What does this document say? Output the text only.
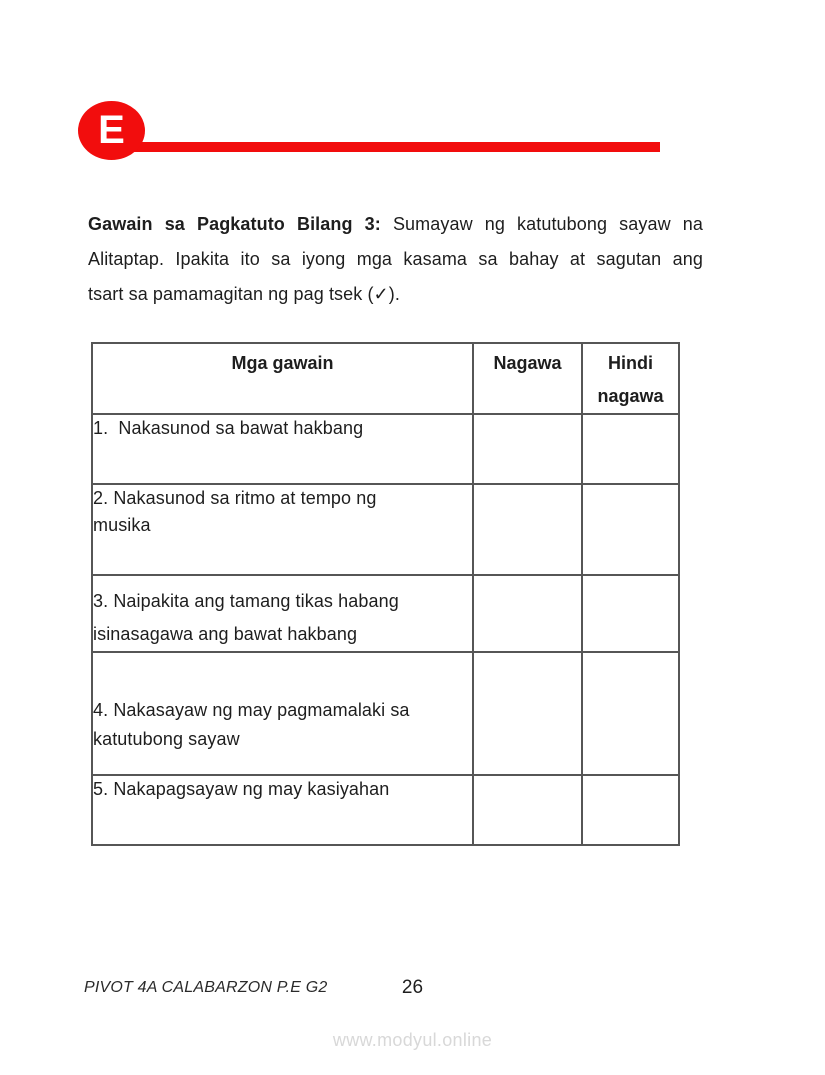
E
Gawain sa Pagkatuto Bilang 3: Sumayaw ng katutubong sayaw na
Alitaptap. Ipakita ito sa iyong mga kasama sa bahay at sagutan ang
tsart sa pamamagitan ng pag tsek (✓).
Mga gawain	Nagawa	Hindi nagawa

1.  Nakasunod sa bawat hakbang		

2. Nakasunod sa ritmo at tempo ng
musika		

3. Naipakita ang tamang tikas habang
isinasagawa ang bawat hakbang		

4. Nakasayaw ng may pagmamalaki sa
katutubong sayaw		

5. Nakapagsayaw ng may kasiyahan		

PIVOT 4A CALABARZON P.E G2	26
www.modyul.online
